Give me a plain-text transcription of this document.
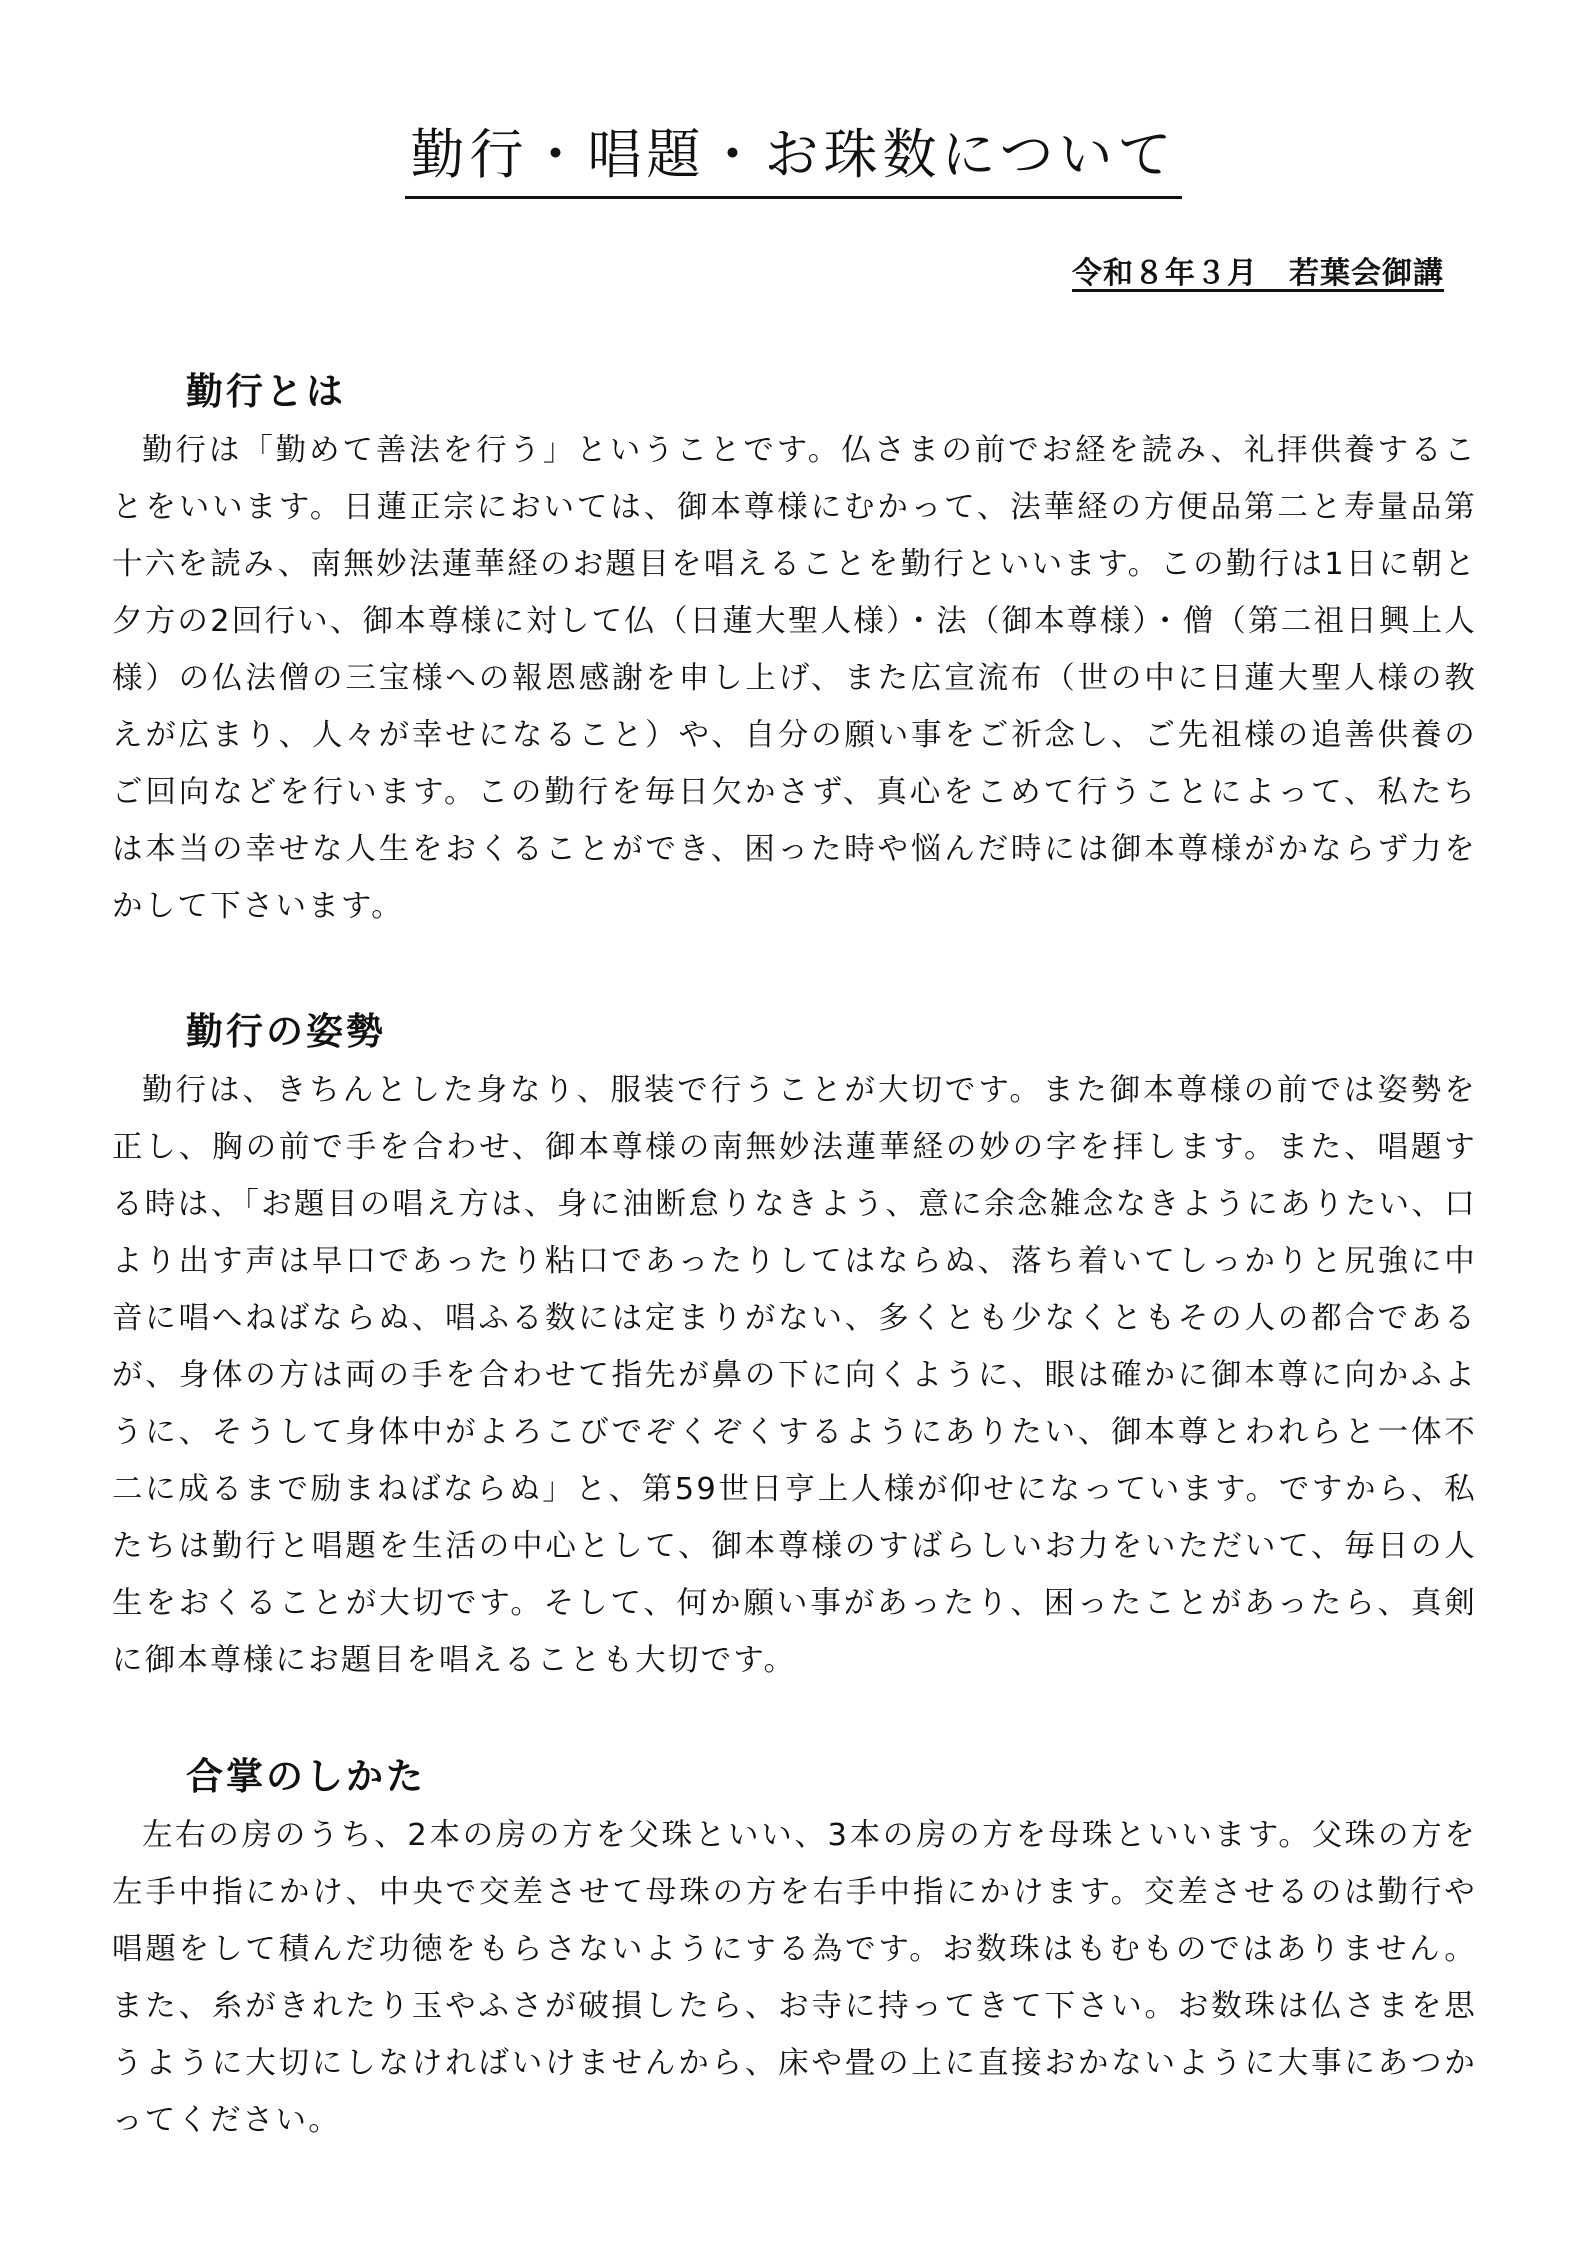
勤行・唱題・お珠数について
令和８年３月　若葉会御講
勤行とは

勤行は「勤めて善法を行う」ということです。仏さまの前でお経を読み、礼拝供養することをいいます。日蓮正宗においては、御本尊様にむかって、法華経の方便品第二と寿量品第十六を読み、南無妙法蓮華経のお題目を唱えることを勤行といいます。この勤行は1日に朝と夕方の2回行い、御本尊様に対して仏（日蓮大聖人様）・法（御本尊様）・僧（第二祖日興上人様）の仏法僧の三宝様への報恩感謝を申し上げ、また広宣流布（世の中に日蓮大聖人様の教えが広まり、人々が幸せになること）や、自分の願い事をご祈念し、ご先祖様の追善供養のご回向などを行います。この勤行を毎日欠かさず、真心をこめて行うことによって、私たちは本当の幸せな人生をおくることができ、困った時や悩んだ時には御本尊様がかならず力をかして下さいます。

勤行の姿勢

勤行は、きちんとした身なり、服装で行うことが大切です。また御本尊様の前では姿勢を正し、胸の前で手を合わせ、御本尊様の南無妙法蓮華経の妙の字を拝します。また、唱題する時は、「お題目の唱え方は、身に油断怠りなきよう、意に余念雑念なきようにありたい、口より出す声は早口であったり粘口であったりしてはならぬ、落ち着いてしっかりと尻強に中音に唱へねばならぬ、唱ふる数には定まりがない、多くとも少なくともその人の都合であるが、身体の方は両の手を合わせて指先が鼻の下に向くように、眼は確かに御本尊に向かふように、そうして身体中がよろこびでぞくぞくするようにありたい、御本尊とわれらと一体不二に成るまで励まねばならぬ」と、第59世日亨上人様が仰せになっています。ですから、私たちは勤行と唱題を生活の中心として、御本尊様のすばらしいお力をいただいて、毎日の人生をおくることが大切です。そして、何か願い事があったり、困ったことがあったら、真剣に御本尊様にお題目を唱えることも大切です。

合掌のしかた

左右の房のうち、2本の房の方を父珠といい、3本の房の方を母珠といいます。父珠の方を左手中指にかけ、中央で交差させて母珠の方を右手中指にかけます。交差させるのは勤行や唱題をして積んだ功徳をもらさないようにする為です。お数珠はもむものではありません。また、糸がきれたり玉やふさが破損したら、お寺に持ってきて下さい。お数珠は仏さまを思うように大切にしなければいけませんから、床や畳の上に直接おかないように大事にあつかってください。
